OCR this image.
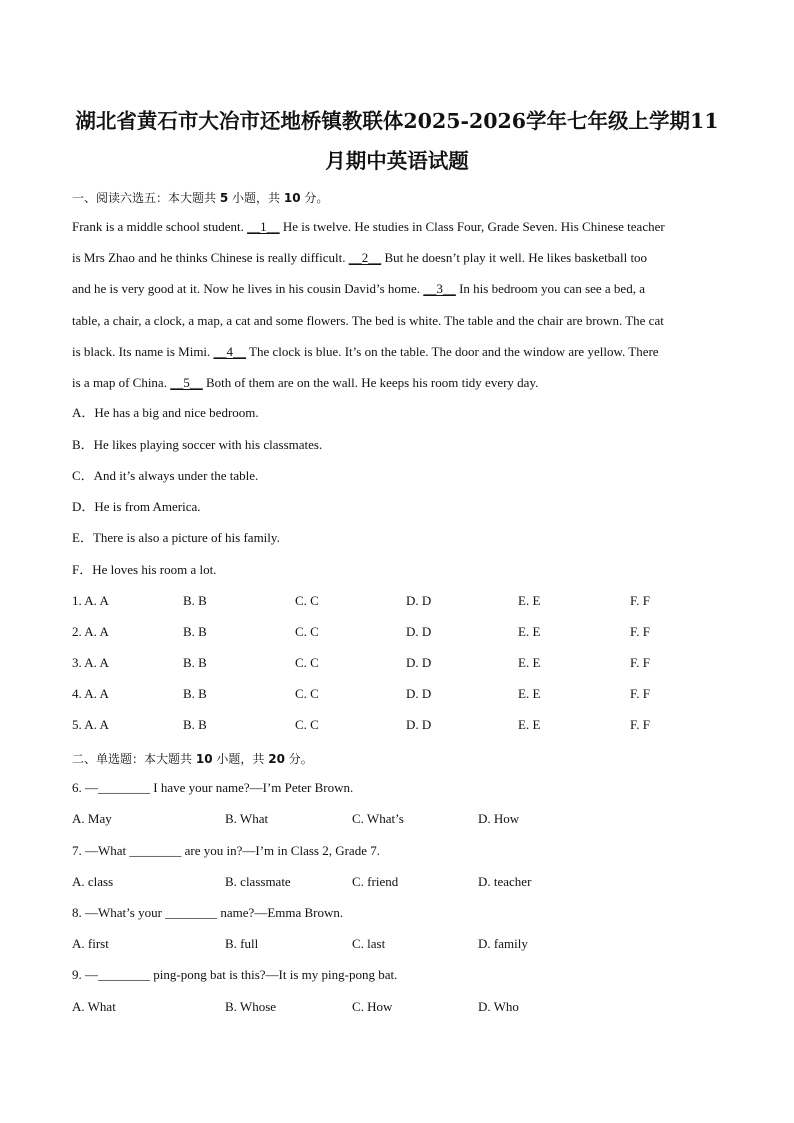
湖北省黄石市大冶市还地桥镇教联体2025-2026学年七年级上学期11
月期中英语试题
一、阅读六选五：本大题共 5 小题，共 10 分。
Frank is a middle school student. __1__ He is twelve. He studies in Class Four, Grade Seven. His Chinese teacher
is Mrs Zhao and he thinks Chinese is really difficult. __2__ But he doesn’t play it well. He likes basketball too
and he is very good at it. Now he lives in his cousin David’s home. __3__ In his bedroom you can see a bed, a
table, a chair, a clock, a map, a cat and some flowers. The bed is white. The table and the chair are brown. The cat
is black. Its name is Mimi. __4__ The clock is blue. It’s on the table. The door and the window are yellow. There
is a map of China. __5__ Both of them are on the wall. He keeps his room tidy every day.
A．He has a big and nice bedroom.
B．He likes playing soccer with his classmates.
C．And it’s always under the table.
D．He is from America.
E．There is also a picture of his family.
F．He loves his room a lot.
1. A. A	B. B	C. C	D. D	E. E	F. F
2. A. A	B. B	C. C	D. D	E. E	F. F
3. A. A	B. B	C. C	D. D	E. E	F. F
4. A. A	B. B	C. C	D. D	E. E	F. F
5. A. A	B. B	C. C	D. D	E. E	F. F
二、单选题：本大题共 10 小题，共 20 分。
6. —________ I have your name?—I’m Peter Brown.
A. May	B. What	C. What’s	D. How
7. —What ________ are you in?—I’m in Class 2, Grade 7.
A. class	B. classmate	C. friend	D. teacher
8. —What’s your ________ name?—Emma Brown.
A. first	B. full	C. last	D. family
9. —________ ping-pong bat is this?—It is my ping-pong bat.
A. What	B. Whose	C. How	D. Who
